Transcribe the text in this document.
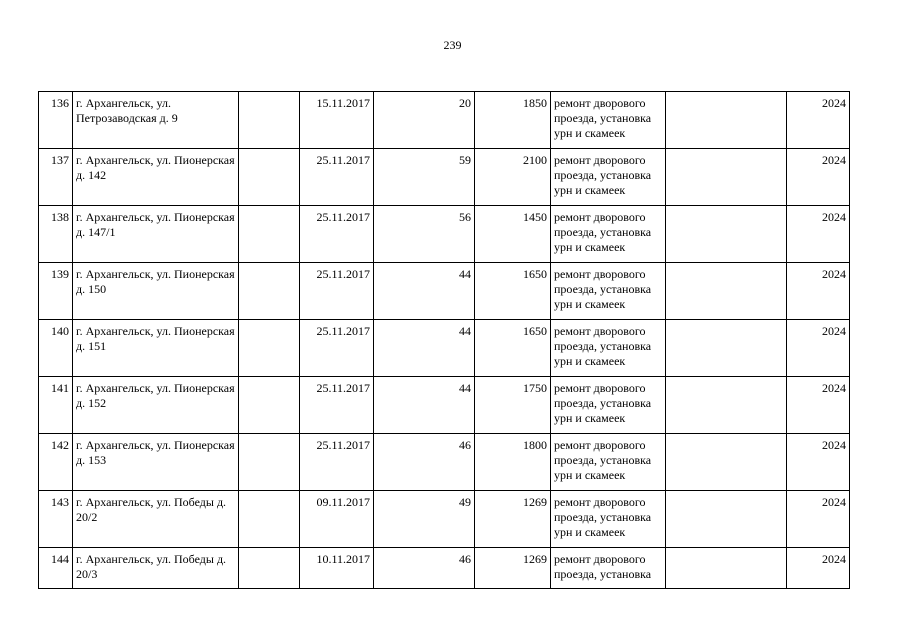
239
136	г. Архангельск, ул. Петрозаводская д. 9		15.11.2017	20	1850	ремонт дворового проезда, установка урн и скамеек		2024
137	г. Архангельск, ул. Пионерская д. 142		25.11.2017	59	2100	ремонт дворового проезда, установка урн и скамеек		2024
138	г. Архангельск, ул. Пионерская д. 147/1		25.11.2017	56	1450	ремонт дворового проезда, установка урн и скамеек		2024
139	г. Архангельск, ул. Пионерская д. 150		25.11.2017	44	1650	ремонт дворового проезда, установка урн и скамеек		2024
140	г. Архангельск, ул. Пионерская д. 151		25.11.2017	44	1650	ремонт дворового проезда, установка урн и скамеек		2024
141	г. Архангельск, ул. Пионерская д. 152		25.11.2017	44	1750	ремонт дворового проезда, установка урн и скамеек		2024
142	г. Архангельск, ул. Пионерская д. 153		25.11.2017	46	1800	ремонт дворового проезда, установка урн и скамеек		2024
143	г. Архангельск, ул. Победы д. 20/2		09.11.2017	49	1269	ремонт дворового проезда, установка урн и скамеек		2024
144	г. Архангельск, ул. Победы д. 20/3		10.11.2017	46	1269	ремонт дворового проезда, установка		2024
